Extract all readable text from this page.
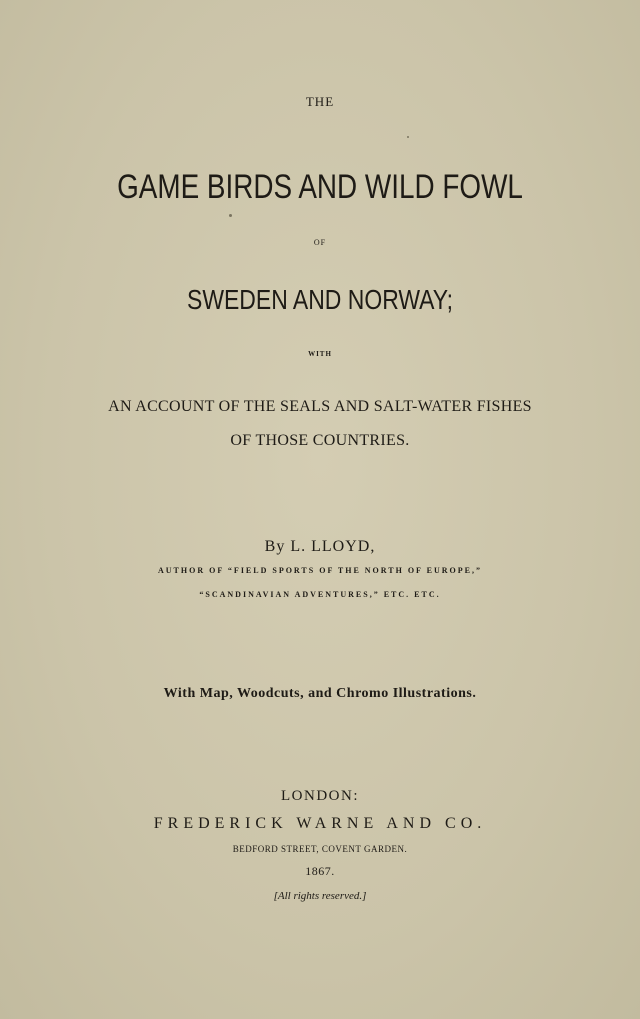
THE
GAME BIRDS AND WILD FOWL
OF
SWEDEN AND NORWAY;
WITH
AN ACCOUNT OF THE SEALS AND SALT-WATER FISHES
OF THOSE COUNTRIES.
By L. LLOYD,
AUTHOR OF “FIELD SPORTS OF THE NORTH OF EUROPE,”
“SCANDINAVIAN ADVENTURES,” ETC. ETC.
With Map, Woodcuts, and Chromo Illustrations.
LONDON:
FREDERICK WARNE AND CO.
BEDFORD STREET, COVENT GARDEN.
1867.
[All rights reserved.]
